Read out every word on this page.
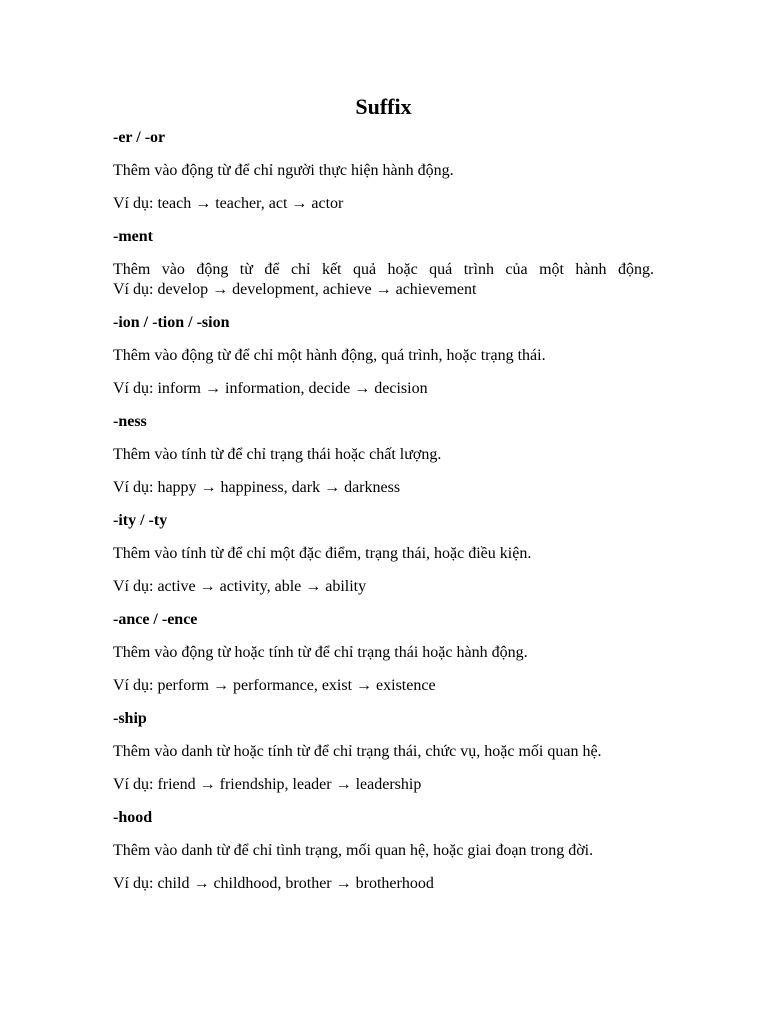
Suffix
-er / -or
Thêm vào động từ để chỉ người thực hiện hành động.
Ví dụ: teach → teacher, act → actor
-ment
Thêm vào động từ để chỉ kết quả hoặc quá trình của một hành động.
Ví dụ: develop → development, achieve → achievement
-ion / -tion / -sion
Thêm vào động từ để chỉ một hành động, quá trình, hoặc trạng thái.
Ví dụ: inform → information, decide → decision
-ness
Thêm vào tính từ để chỉ trạng thái hoặc chất lượng.
Ví dụ: happy → happiness, dark → darkness
-ity / -ty
Thêm vào tính từ để chỉ một đặc điểm, trạng thái, hoặc điều kiện.
Ví dụ: active → activity, able → ability
-ance / -ence
Thêm vào động từ hoặc tính từ để chỉ trạng thái hoặc hành động.
Ví dụ: perform → performance, exist → existence
-ship
Thêm vào danh từ hoặc tính từ để chỉ trạng thái, chức vụ, hoặc mối quan hệ.
Ví dụ: friend → friendship, leader → leadership
-hood
Thêm vào danh từ để chỉ tình trạng, mối quan hệ, hoặc giai đoạn trong đời.
Ví dụ: child → childhood, brother → brotherhood
